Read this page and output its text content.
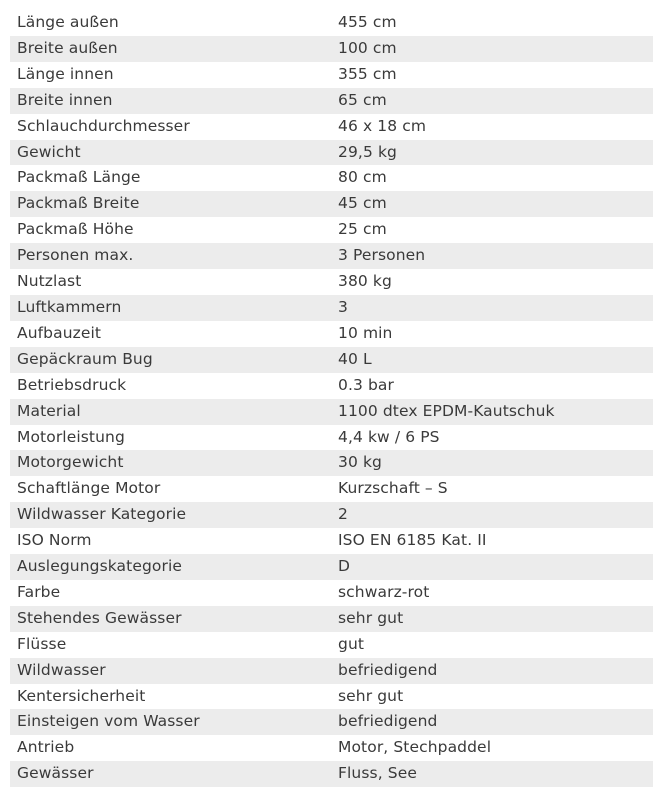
Länge außen	455 cm
Breite außen	100 cm
Länge innen	355 cm
Breite innen	65 cm
Schlauchdurchmesser	46 x 18 cm
Gewicht	29,5 kg
Packmaß Länge	80 cm
Packmaß Breite	45 cm
Packmaß Höhe	25 cm
Personen max.	3 Personen
Nutzlast	380 kg
Luftkammern	3
Aufbauzeit	10 min
Gepäckraum Bug	40 L
Betriebsdruck	0.3 bar
Material	1100 dtex EPDM-Kautschuk
Motorleistung	4,4 kw / 6 PS
Motorgewicht	30 kg
Schaftlänge Motor	Kurzschaft – S
Wildwasser Kategorie	2
ISO Norm	ISO EN 6185 Kat. II
Auslegungskategorie	D
Farbe	schwarz-rot
Stehendes Gewässer	sehr gut
Flüsse	gut
Wildwasser	befriedigend
Kentersicherheit	sehr gut
Einsteigen vom Wasser	befriedigend
Antrieb	Motor, Stechpaddel
Gewässer	Fluss, See
